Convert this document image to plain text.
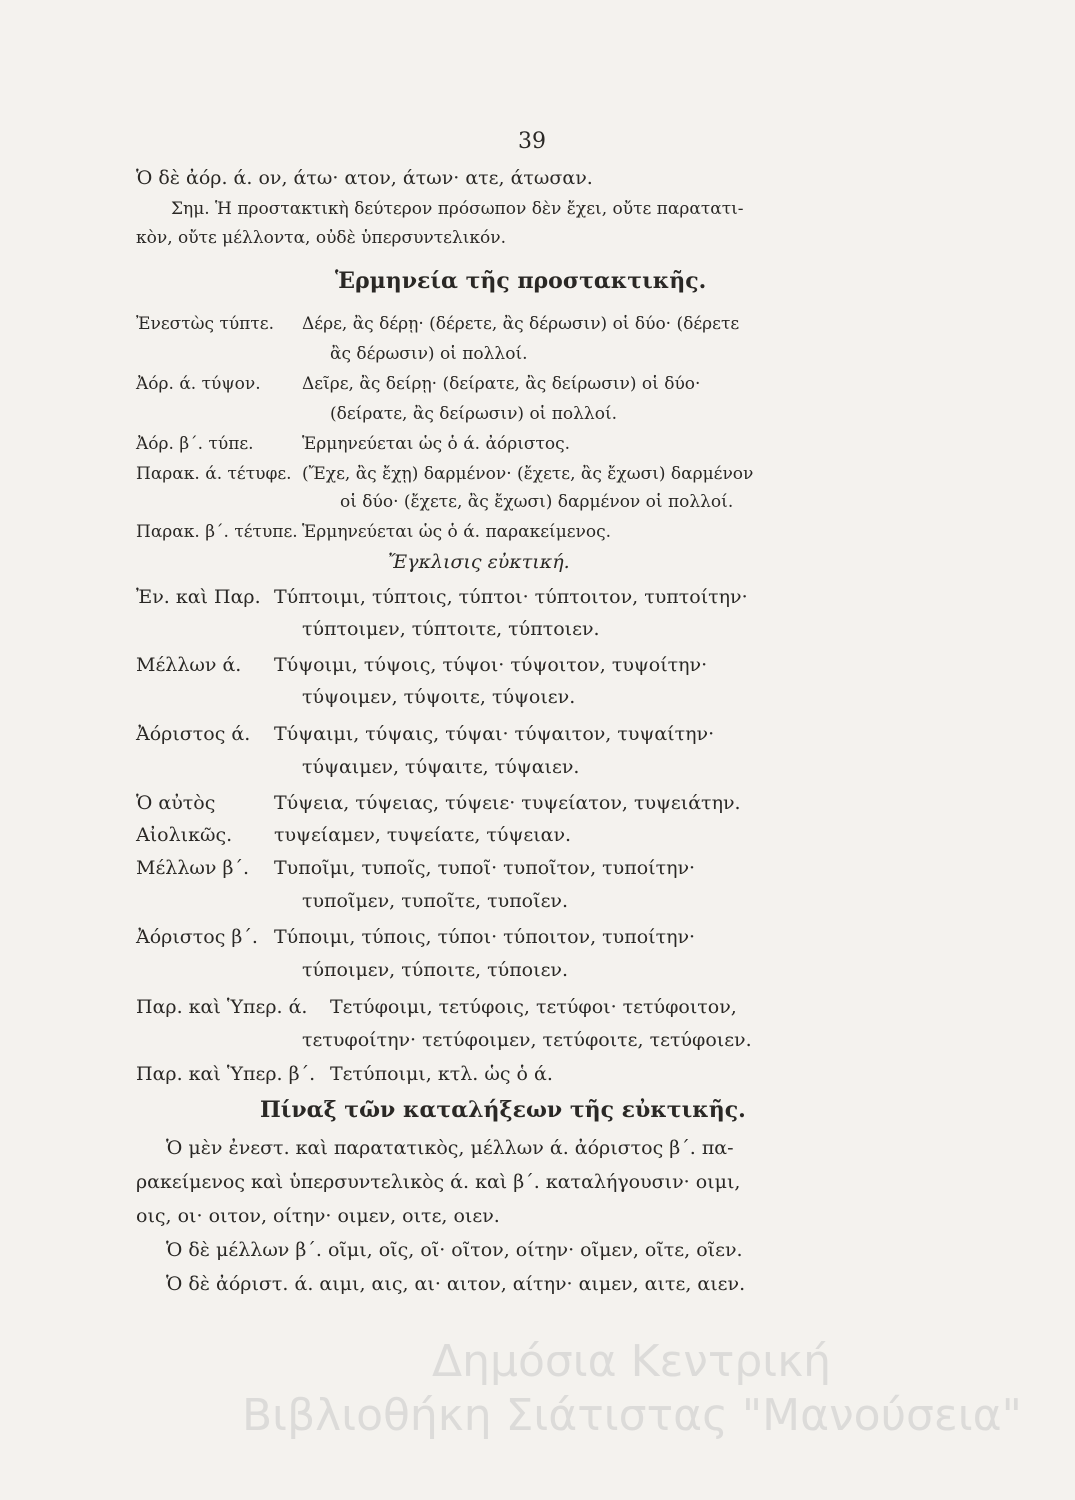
39
Ὁ δὲ ἀόρ. ά. ον, άτω· ατον, άτων· ατε, άτωσαν.
Σημ. Ἡ προστακτικὴ δεύτερον πρόσωπον δὲν ἔχει, οὔτε παρατατι-
κὸν, οὔτε μέλλοντα, οὐδὲ ὑπερσυντελικόν.
Ἑρμηνεία τῆς προστακτικῆς.
Ἐνεστὼς τύπτε. Δέρε, ἂς δέρῃ· (δέρετε, ἂς δέρωσιν) οἱ δύο· (δέρετε
ἂς δέρωσιν) οἱ πολλοί.
Ἀόρ. ά. τύψον. Δεῖρε, ἂς δείρῃ· (δείρατε, ἂς δείρωσιν) οἱ δύο·
(δείρατε, ἂς δείρωσιν) οἱ πολλοί.
Ἀόρ. β΄. τύπε.	Ἑρμηνεύεται ὡς ὁ ά. ἀόριστος.
Παρακ. ά. τέτυφε. (Ἔχε, ἂς ἔχῃ) δαρμένον· (ἔχετε, ἂς ἔχωσι) δαρμένον
οἱ δύο· (ἔχετε, ἂς ἔχωσι) δαρμένον οἱ πολλοί.
Παρακ. β΄. τέτυπε. Ἑρμηνεύεται ὡς ὁ ά. παρακείμενος.
Ἔγκλισις εὐκτική.
Ἐν. καὶ Παρ. Τύπτοιμι, τύπτοις, τύπτοι· τύπτοιτον, τυπτοίτην·
τύπτοιμεν, τύπτοιτε, τύπτοιεν.
Μέλλων ά. Τύψοιμι, τύψοις, τύψοι· τύψοιτον, τυψοίτην·
τύψοιμεν, τύψοιτε, τύψοιεν.
Ἀόριστος ά. Τύψαιμι, τύψαις, τύψαι· τύψαιτον, τυψαίτην·
τύψαιμεν, τύψαιτε, τύψαιεν.
Ὁ αὐτὸς	Τύψεια, τύψειας, τύψειε· τυψείατον, τυψειάτην.
Αἰολικῶς. τυψείαμεν, τυψείατε, τύψειαν.
Μέλλων β΄. Τυποῖμι, τυποῖς, τυποῖ· τυποῖτον, τυποίτην·
τυποῖμεν, τυποῖτε, τυποῖεν.
Ἀόριστος β΄. Τύποιμι, τύποις, τύποι· τύποιτον, τυποίτην·
τύποιμεν, τύποιτε, τύποιεν.
Παρ. καὶ Ὑπερ. ά. Τετύφοιμι, τετύφοις, τετύφοι· τετύφοιτον,
τετυφοίτην· τετύφοιμεν, τετύφοιτε, τετύφοιεν.
Παρ. καὶ Ὑπερ. β΄. Τετύποιμι, κτλ. ὡς ὁ ά.
Πίναξ τῶν καταλήξεων τῆς εὐκτικῆς.
Ὁ μὲν ἐνεστ. καὶ παρατατικὸς, μέλλων ά. ἀόριστος β΄. πα-
ρακείμενος καὶ ὑπερσυντελικὸς ά. καὶ β΄. καταλήγουσιν· οιμι,
οις, οι· οιτον, οίτην· οιμεν, οιτε, οιεν.
Ὁ δὲ μέλλων β΄. οῖμι, οῖς, οῖ· οῖτον, οίτην· οῖμεν, οῖτε, οῖεν.
Ὁ δὲ ἀόριστ. ά. αιμι, αις, αι· αιτον, αίτην· αιμεν, αιτε, αιεν.
Δημόσια Κεντρική
Βιβλιοθήκη Σιάτιστας "Μανούσεια"
